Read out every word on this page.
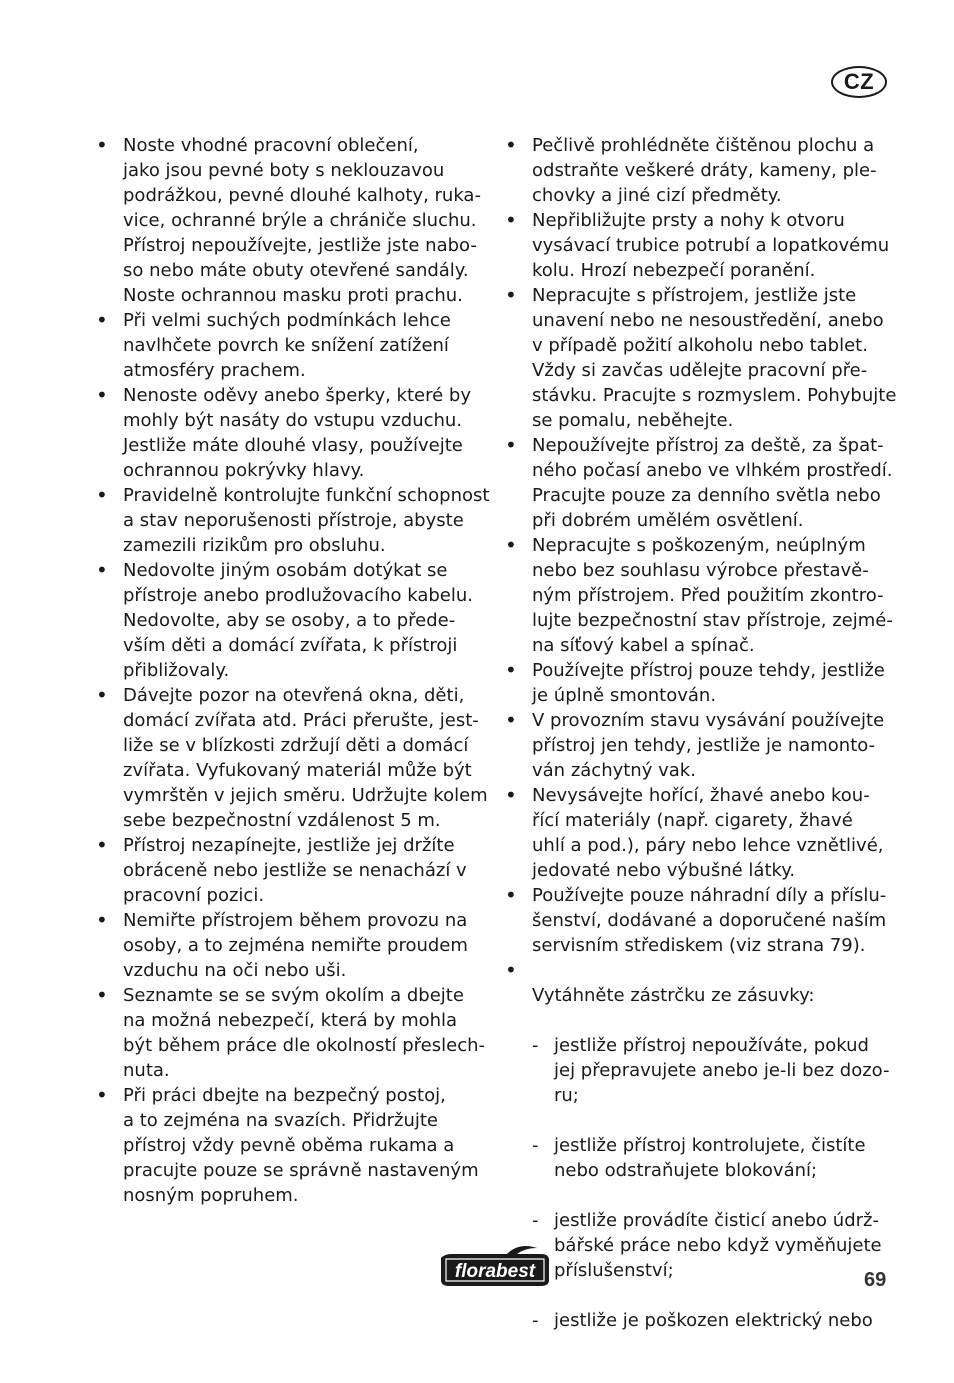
CZ
• Noste vhodné pracovní oblečení,
jako jsou pevné boty s neklouzavou
podrážkou, pevné dlouhé kalhoty, ruka-
vice, ochranné brýle a chrániče sluchu.
Přístroj nepoužívejte, jestliže jste nabo-
so nebo máte obuty otevřené sandály.
Noste ochrannou masku proti prachu.
• Při velmi suchých podmínkách lehce
navlhčete povrch ke snížení zatížení
atmosféry prachem.
• Nenoste oděvy anebo šperky, které by
mohly být nasáty do vstupu vzduchu.
Jestliže máte dlouhé vlasy, používejte
ochrannou pokrývky hlavy.
• Pravidelně kontrolujte funkční schopnost
a stav neporušenosti přístroje, abyste
zamezili rizikům pro obsluhu.
• Nedovolte jiným osobám dotýkat se
přístroje anebo prodlužovacího kabelu.
Nedovolte, aby se osoby, a to přede-
vším děti a domácí zvířata, k přístroji
přibližovaly.
• Dávejte pozor na otevřená okna, děti,
domácí zvířata atd. Práci přerušte, jest-
liže se v blízkosti zdržují děti a domácí
zvířata. Vyfukovaný materiál může být
vymrštěn v jejich směru. Udržujte kolem
sebe bezpečnostní vzdálenost 5 m.
• Přístroj nezapínejte, jestliže jej držíte
obráceně nebo jestliže se nenachází v
pracovní pozici.
• Nemiřte přístrojem během provozu na
osoby, a to zejména nemiřte proudem
vzduchu na oči nebo uši.
• Seznamte se se svým okolím a dbejte
na možná nebezpečí, která by mohla
být během práce dle okolností přeslech-
nuta.
• Při práci dbejte na bezpečný postoj,
a to zejména na svazích. Přidržujte
přístroj vždy pevně oběma rukama a
pracujte pouze se správně nastaveným
nosným popruhem.
• Pečlivě prohlédněte čištěnou plochu a
odstraňte veškeré dráty, kameny, ple-
chovky a jiné cizí předměty.
• Nepřibližujte prsty a nohy k otvoru
vysávací trubice potrubí a lopatkovému
kolu. Hrozí nebezpečí poranění.
• Nepracujte s přístrojem, jestliže jste
unavení nebo ne nesoustředění, anebo
v případě požití alkoholu nebo tablet.
Vždy si zavčas udělejte pracovní pře-
stávku. Pracujte s rozmyslem. Pohybujte
se pomalu, neběhejte.
• Nepoužívejte přístroj za deště, za špat-
ného počasí anebo ve vlhkém prostředí.
Pracujte pouze za denního světla nebo
při dobrém umělém osvětlení.
• Nepracujte s poškozeným, neúplným
nebo bez souhlasu výrobce přestavě-
ným přístrojem. Před použitím zkontro-
lujte bezpečnostní stav přístroje, zejmé-
na síťový kabel a spínač.
• Používejte přístroj pouze tehdy, jestliže
je úplně smontován.
• V provozním stavu vysávání používejte
přístroj jen tehdy, jestliže je namonto-
ván záchytný vak.
• Nevysávejte hořící, žhavé anebo kou-
řící materiály (např. cigarety, žhavé
uhlí a pod.), páry nebo lehce vznětlivé,
jedovaté nebo výbušné látky.
• Používejte pouze náhradní díly a příslu-
šenství, dodávané a doporučené naším
servisním střediskem (viz strana 79).

• Vytáhněte zástrčku ze zásuvky:

- jestliže přístroj nepoužíváte, pokud
jej přepravujete anebo je-li bez dozo-
ru;

- jestliže přístroj kontrolujete, čistíte
nebo odstraňujete blokování;

- jestliže provádíte čisticí anebo údrž-
bářské práce nebo když vyměňujete
příslušenství;

- jestliže je poškozen elektrický nebo

florabest	69
